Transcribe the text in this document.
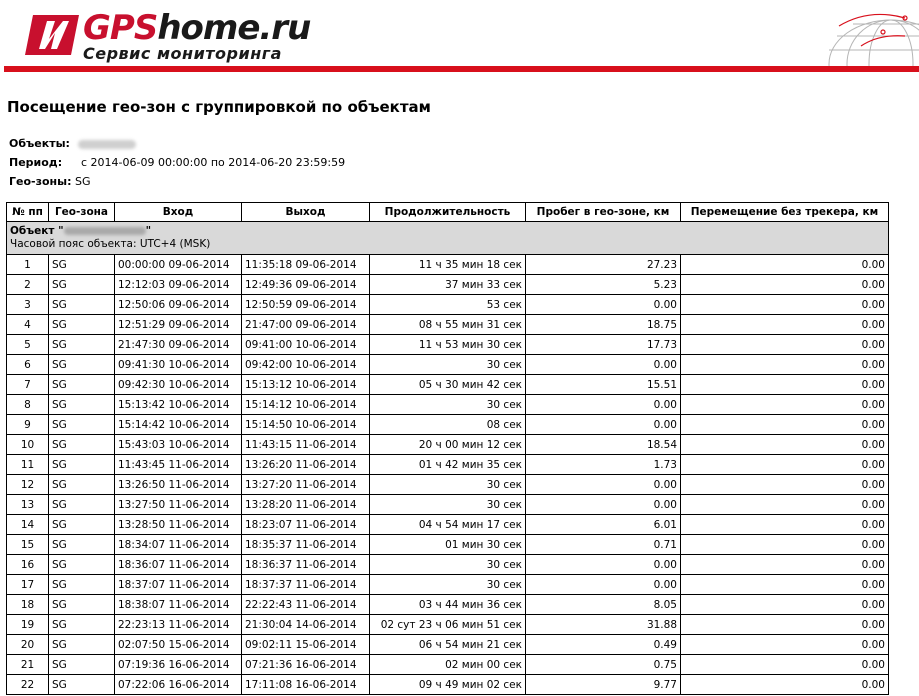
GPShome.ru
Сервис мониторинга
Посещение гео-зон с группировкой по объектам
Объекты:
Период: с 2014-06-09 00:00:00 по 2014-06-20 23:59:59
Гео-зоны: SG
№ пп	Гео-зона	Вход	Выход	Продолжительность	Пробег в гео-зоне, км	Перемещение без трекера, км
Объект " "
Часовой пояс объекта: UTC+4 (MSK)						
1	SG	00:00:00 09-06-2014	11:35:18 09-06-2014	11 ч 35 мин 18 сек	27.23	0.00
2	SG	12:12:03 09-06-2014	12:49:36 09-06-2014	37 мин 33 сек	5.23	0.00
3	SG	12:50:06 09-06-2014	12:50:59 09-06-2014	53 сек	0.00	0.00
4	SG	12:51:29 09-06-2014	21:47:00 09-06-2014	08 ч 55 мин 31 сек	18.75	0.00
5	SG	21:47:30 09-06-2014	09:41:00 10-06-2014	11 ч 53 мин 30 сек	17.73	0.00
6	SG	09:41:30 10-06-2014	09:42:00 10-06-2014	30 сек	0.00	0.00
7	SG	09:42:30 10-06-2014	15:13:12 10-06-2014	05 ч 30 мин 42 сек	15.51	0.00
8	SG	15:13:42 10-06-2014	15:14:12 10-06-2014	30 сек	0.00	0.00
9	SG	15:14:42 10-06-2014	15:14:50 10-06-2014	08 сек	0.00	0.00
10	SG	15:43:03 10-06-2014	11:43:15 11-06-2014	20 ч 00 мин 12 сек	18.54	0.00
11	SG	11:43:45 11-06-2014	13:26:20 11-06-2014	01 ч 42 мин 35 сек	1.73	0.00
12	SG	13:26:50 11-06-2014	13:27:20 11-06-2014	30 сек	0.00	0.00
13	SG	13:27:50 11-06-2014	13:28:20 11-06-2014	30 сек	0.00	0.00
14	SG	13:28:50 11-06-2014	18:23:07 11-06-2014	04 ч 54 мин 17 сек	6.01	0.00
15	SG	18:34:07 11-06-2014	18:35:37 11-06-2014	01 мин 30 сек	0.71	0.00
16	SG	18:36:07 11-06-2014	18:36:37 11-06-2014	30 сек	0.00	0.00
17	SG	18:37:07 11-06-2014	18:37:37 11-06-2014	30 сек	0.00	0.00
18	SG	18:38:07 11-06-2014	22:22:43 11-06-2014	03 ч 44 мин 36 сек	8.05	0.00
19	SG	22:23:13 11-06-2014	21:30:04 14-06-2014	02 сут 23 ч 06 мин 51 сек	31.88	0.00
20	SG	02:07:50 15-06-2014	09:02:11 15-06-2014	06 ч 54 мин 21 сек	0.49	0.00
21	SG	07:19:36 16-06-2014	07:21:36 16-06-2014	02 мин 00 сек	0.75	0.00
22	SG	07:22:06 16-06-2014	17:11:08 16-06-2014	09 ч 49 мин 02 сек	9.77	0.00
